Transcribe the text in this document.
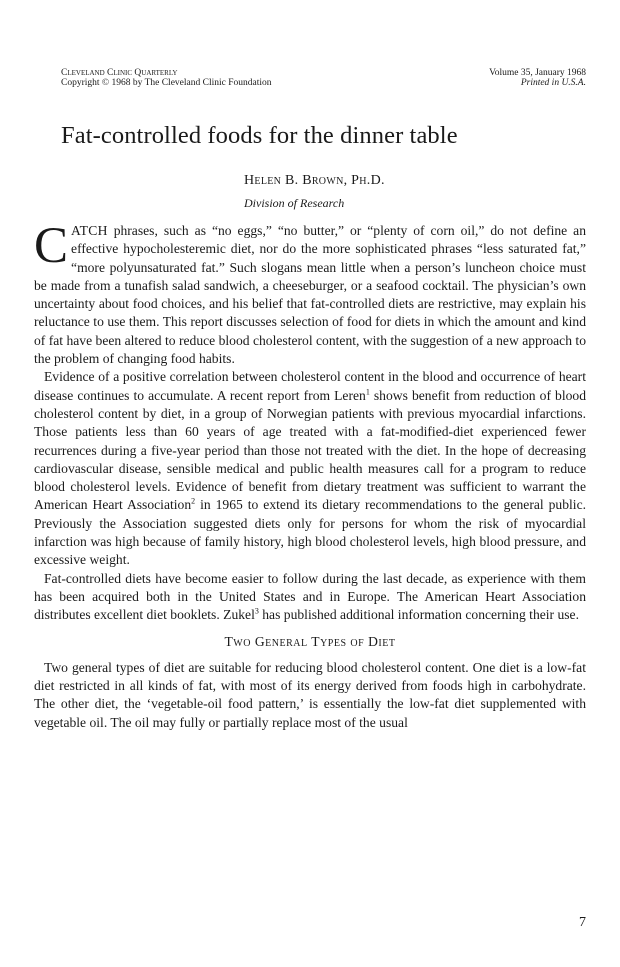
Cleveland Clinic Quarterly
Copyright © 1968 by The Cleveland Clinic Foundation
Volume 35, January 1968
Printed in U.S.A.
Fat-controlled foods for the dinner table
Helen B. Brown, Ph.D.
Division of Research

CATCH phrases, such as “no eggs,” “no butter,” or “plenty of corn oil,” do not define an effective hypocholesteremic diet, nor do the more sophisticated phrases “less saturated fat,” “more polyunsaturated fat.” Such slogans mean little when a person’s luncheon choice must be made from a tunafish salad sandwich, a cheeseburger, or a seafood cocktail. The physician’s own uncertainty about food choices, and his belief that fat-controlled diets are restrictive, may explain his reluctance to use them. This report discusses selection of food for diets in which the amount and kind of fat have been altered to reduce blood cholesterol content, with the suggestion of a new approach to the problem of changing food habits.

Evidence of a positive correlation between cholesterol content in the blood and occurrence of heart disease continues to accumulate. A recent report from Leren$^1$ shows benefit from reduction of blood cholesterol content by diet, in a group of Norwegian patients with previous myocardial infarctions. Those patients less than 60 years of age treated with a fat-modified-diet experienced fewer recurrences during a five-year period than those not treated with the diet. In the hope of decreasing cardiovascular disease, sensible medical and public health measures call for a program to reduce blood cholesterol levels. Evidence of benefit from dietary treatment was sufficient to warrant the American Heart Association$^2$ in 1965 to extend its dietary recommendations to the general public. Previously the Association suggested diets only for persons for whom the risk of myocardial infarction was high because of family history, high blood cholesterol levels, high blood pressure, and excessive weight.

Fat-controlled diets have become easier to follow during the last decade, as experience with them has been acquired both in the United States and in Europe. The American Heart Association distributes excellent diet booklets. Zukel$^3$ has published additional information concerning their use.

Two General Types of Diet

Two general types of diet are suitable for reducing blood cholesterol content. One diet is a low-fat diet restricted in all kinds of fat, with most of its energy derived from foods high in carbohydrate. The other diet, the ‘vegetable-oil food pattern,’ is essentially the low-fat diet supplemented with vegetable oil. The oil may fully or partially replace most of the usual

7
